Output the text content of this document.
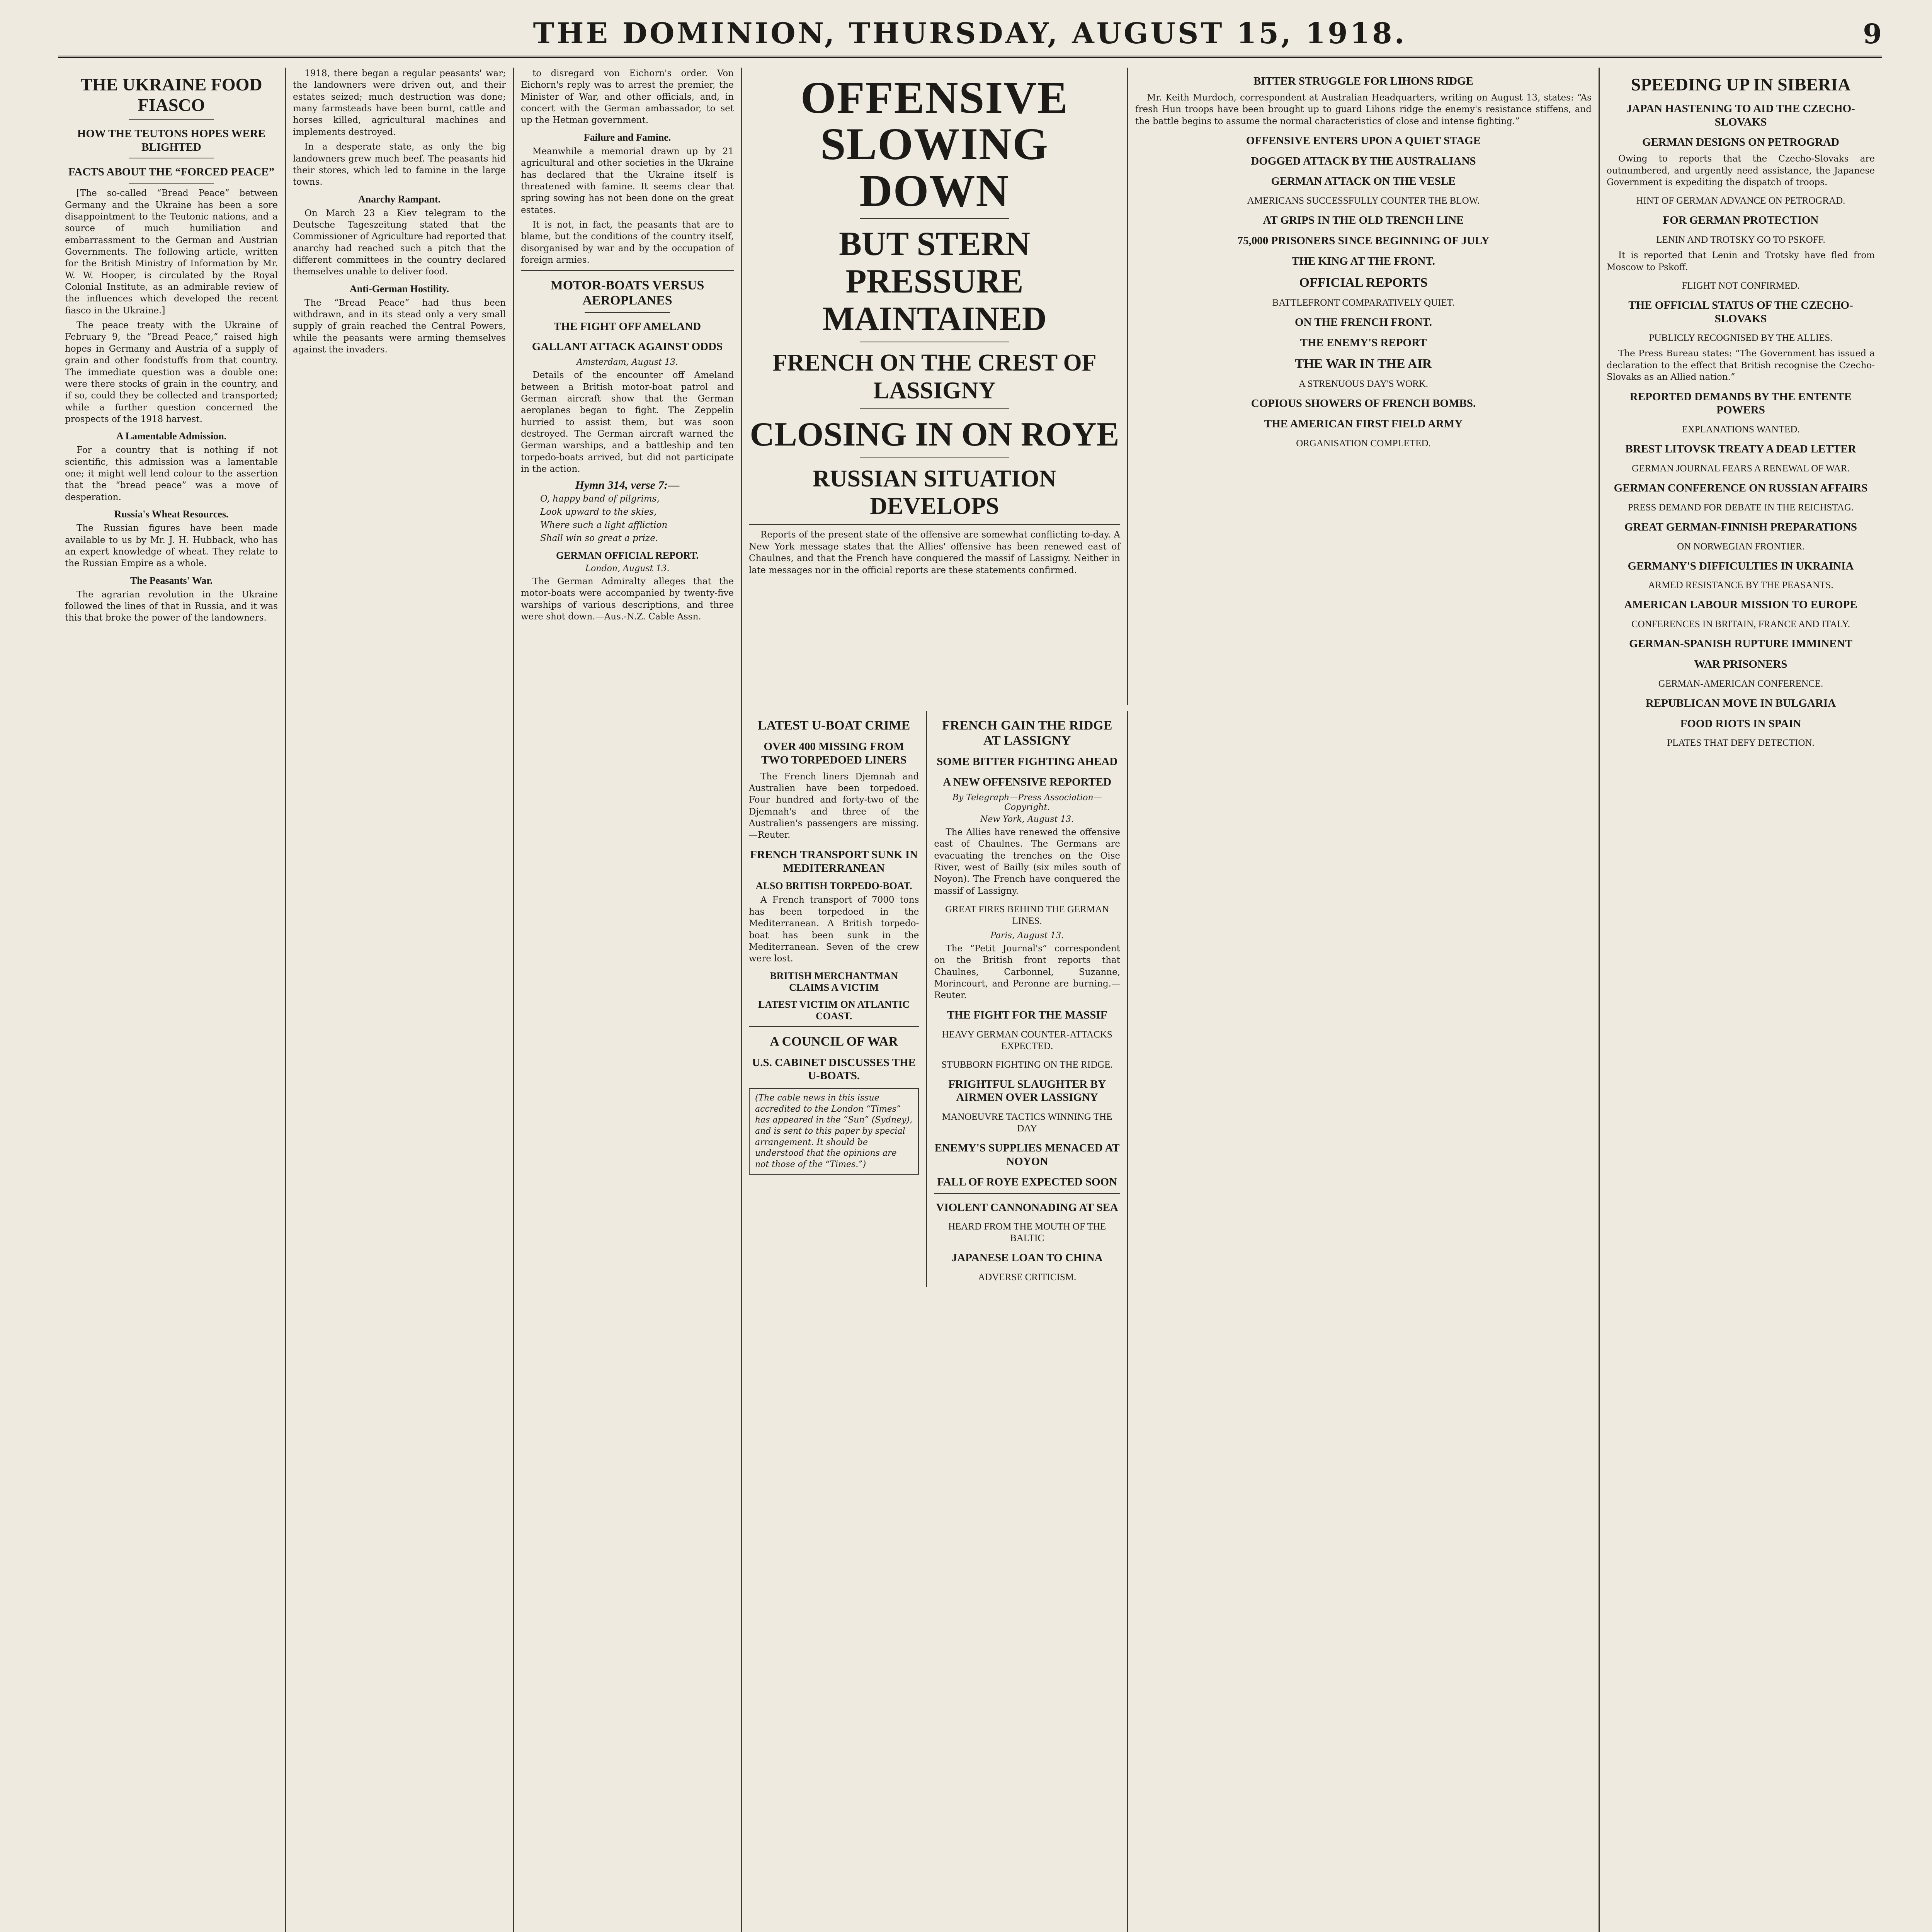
THE DOMINION, THURSDAY, AUGUST 15, 1918.	9
THE UKRAINE FOOD FIASCO
HOW THE TEUTONS HOPES WERE BLIGHTED
FACTS ABOUT THE “FORCED PEACE”

[The so-called “Bread Peace” between Germany and the Ukraine has been a sore disappointment to the Teutonic nations, and a source of much humiliation and embarrassment to the German and Austrian Governments. The following article, written for the British Ministry of Information by Mr. W. W. Hooper, is circulated by the Royal Colonial Institute, as an admirable review of the influences which developed the recent fiasco in the Ukraine.]

The peace treaty with the Ukraine of February 9, the “Bread Peace,” raised high hopes in Germany and Austria of a supply of grain and other foodstuffs from that country. The immediate question was a double one: were there stocks of grain in the country, and if so, could they be collected and transported; while a further question concerned the prospects of the 1918 harvest.

A Lamentable Admission.

For a country that is nothing if not scientific, this admission was a lamentable one; it might well lend colour to the assertion that the “bread peace” was a move of desperation.

Russia's Wheat Resources.

The Russian figures have been made available to us by Mr. J. H. Hubback, who has an expert knowledge of wheat. They relate to the Russian Empire as a whole.

The Peasants' War.

The agrarian revolution in the Ukraine followed the lines of that in Russia, and it was this that broke the power of the landowners.

1918, there began a regular peasants' war; the landowners were driven out, and their estates seized; much destruction was done; many farmsteads have been burnt, cattle and horses killed, agricultural machines and implements destroyed.

In a desperate state, as only the big landowners grew much beef. The peasants hid their stores, which led to famine in the large towns.

Anarchy Rampant.

On March 23 a Kiev telegram to the Deutsche Tageszeitung stated that the Commissioner of Agriculture had reported that anarchy had reached such a pitch that the different committees in the country declared themselves unable to deliver food.

Anti-German Hostility.

The “Bread Peace” had thus been withdrawn, and in its stead only a very small supply of grain reached the Central Powers, while the peasants were arming themselves against the invaders.

to disregard von Eichorn's order. Von Eichorn's reply was to arrest the premier, the Minister of War, and other officials, and, in concert with the German ambassador, to set up the Hetman government.

Failure and Famine.

Meanwhile a memorial drawn up by 21 agricultural and other societies in the Ukraine has declared that the Ukraine itself is threatened with famine. It seems clear that spring sowing has not been done on the great estates.

It is not, in fact, the peasants that are to blame, but the conditions of the country itself, disorganised by war and by the occupation of foreign armies.

MOTOR-BOATS VERSUS AEROPLANES
THE FIGHT OFF AMELAND
GALLANT ATTACK AGAINST ODDS
Amsterdam, August 13.

Details of the encounter off Ameland between a British motor-boat patrol and German aircraft show that the German aeroplanes began to fight. The Zeppelin hurried to assist them, but was soon destroyed. The German aircraft warned the German warships, and a battleship and ten torpedo-boats arrived, but did not participate in the action.

Hymn 314, verse 7:—
O, happy band of pilgrims,
Look upward to the skies,
Where such a light affliction
Shall win so great a prize.
GERMAN OFFICIAL REPORT.
London, August 13.

The German Admiralty alleges that the motor-boats were accompanied by twenty-five warships of various descriptions, and three were shot down.—Aus.-N.Z. Cable Assn.

OFFENSIVE SLOWING DOWN
BUT STERN PRESSURE MAINTAINED
FRENCH ON THE CREST OF LASSIGNY
CLOSING IN ON ROYE
RUSSIAN SITUATION DEVELOPS

Reports of the present state of the offensive are somewhat conflicting to-day. A New York message states that the Allies' offensive has been renewed east of Chaulnes, and that the French have conquered the massif of Lassigny. Neither in late messages nor in the official reports are these statements confirmed.

LATEST U-BOAT CRIME
OVER 400 MISSING FROM TWO TORPEDOED LINERS

The French liners Djemnah and Australien have been torpedoed. Four hundred and forty-two of the Djemnah's and three of the Australien's passengers are missing.—Reuter.

FRENCH TRANSPORT SUNK IN MEDITERRANEAN
ALSO BRITISH TORPEDO-BOAT.

A French transport of 7000 tons has been torpedoed in the Mediterranean. A British torpedo-boat has been sunk in the Mediterranean. Seven of the crew were lost.

BRITISH MERCHANTMAN CLAIMS A VICTIM
LATEST VICTIM ON ATLANTIC COAST.
A COUNCIL OF WAR
U.S. CABINET DISCUSSES THE U-BOATS.
(The cable news in this issue accredited to the London “Times” has appeared in the “Sun” (Sydney), and is sent to this paper by special arrangement. It should be understood that the opinions are not those of the “Times.”)
FRENCH GAIN THE RIDGE AT LASSIGNY
SOME BITTER FIGHTING AHEAD
A NEW OFFENSIVE REPORTED
By Telegraph—Press Association—Copyright.
New York, August 13.

The Allies have renewed the offensive east of Chaulnes. The Germans are evacuating the trenches on the Oise River, west of Bailly (six miles south of Noyon). The French have conquered the massif of Lassigny.

GREAT FIRES BEHIND THE GERMAN LINES.
Paris, August 13.

The “Petit Journal's” correspondent on the British front reports that Chaulnes, Carbonnel, Suzanne, Morincourt, and Peronne are burning.—Reuter.

THE FIGHT FOR THE MASSIF
HEAVY GERMAN COUNTER-ATTACKS EXPECTED.
STUBBORN FIGHTING ON THE RIDGE.
FRIGHTFUL SLAUGHTER BY AIRMEN OVER LASSIGNY
MANOEUVRE TACTICS WINNING THE DAY
ENEMY'S SUPPLIES MENACED AT NOYON
FALL OF ROYE EXPECTED SOON
VIOLENT CANNONADING AT SEA
HEARD FROM THE MOUTH OF THE BALTIC
JAPANESE LOAN TO CHINA
ADVERSE CRITICISM.
BITTER STRUGGLE FOR LIHONS RIDGE

Mr. Keith Murdoch, correspondent at Australian Headquarters, writing on August 13, states: “As fresh Hun troops have been brought up to guard Lihons ridge the enemy's resistance stiffens, and the battle begins to assume the normal characteristics of close and intense fighting.”

OFFENSIVE ENTERS UPON A QUIET STAGE
DOGGED ATTACK BY THE AUSTRALIANS
GERMAN ATTACK ON THE VESLE
AMERICANS SUCCESSFULLY COUNTER THE BLOW.
AT GRIPS IN THE OLD TRENCH LINE
75,000 PRISONERS SINCE BEGINNING OF JULY
THE KING AT THE FRONT.
OFFICIAL REPORTS
BATTLEFRONT COMPARATIVELY QUIET.
ON THE FRENCH FRONT.
THE ENEMY'S REPORT
THE WAR IN THE AIR
A STRENUOUS DAY'S WORK.
COPIOUS SHOWERS OF FRENCH BOMBS.
THE AMERICAN FIRST FIELD ARMY
ORGANISATION COMPLETED.
SPEEDING UP IN SIBERIA
JAPAN HASTENING TO AID THE CZECHO-SLOVAKS
GERMAN DESIGNS ON PETROGRAD

Owing to reports that the Czecho-Slovaks are outnumbered, and urgently need assistance, the Japanese Government is expediting the dispatch of troops.

HINT OF GERMAN ADVANCE ON PETROGRAD.
FOR GERMAN PROTECTION
LENIN AND TROTSKY GO TO PSKOFF.

It is reported that Lenin and Trotsky have fled from Moscow to Pskoff.

FLIGHT NOT CONFIRMED.
THE OFFICIAL STATUS OF THE CZECHO-SLOVAKS
PUBLICLY RECOGNISED BY THE ALLIES.

The Press Bureau states: “The Government has issued a declaration to the effect that British recognise the Czecho-Slovaks as an Allied nation.”

REPORTED DEMANDS BY THE ENTENTE POWERS
EXPLANATIONS WANTED.
BREST LITOVSK TREATY A DEAD LETTER
GERMAN JOURNAL FEARS A RENEWAL OF WAR.
GERMAN CONFERENCE ON RUSSIAN AFFAIRS
PRESS DEMAND FOR DEBATE IN THE REICHSTAG.
GREAT GERMAN-FINNISH PREPARATIONS
ON NORWEGIAN FRONTIER.
GERMANY'S DIFFICULTIES IN UKRAINIA
ARMED RESISTANCE BY THE PEASANTS.
AMERICAN LABOUR MISSION TO EUROPE
CONFERENCES IN BRITAIN, FRANCE AND ITALY.
GERMAN-SPANISH RUPTURE IMMINENT
WAR PRISONERS
GERMAN-AMERICAN CONFERENCE.
REPUBLICAN MOVE IN BULGARIA
FOOD RIOTS IN SPAIN
PLATES THAT DEFY DETECTION.
